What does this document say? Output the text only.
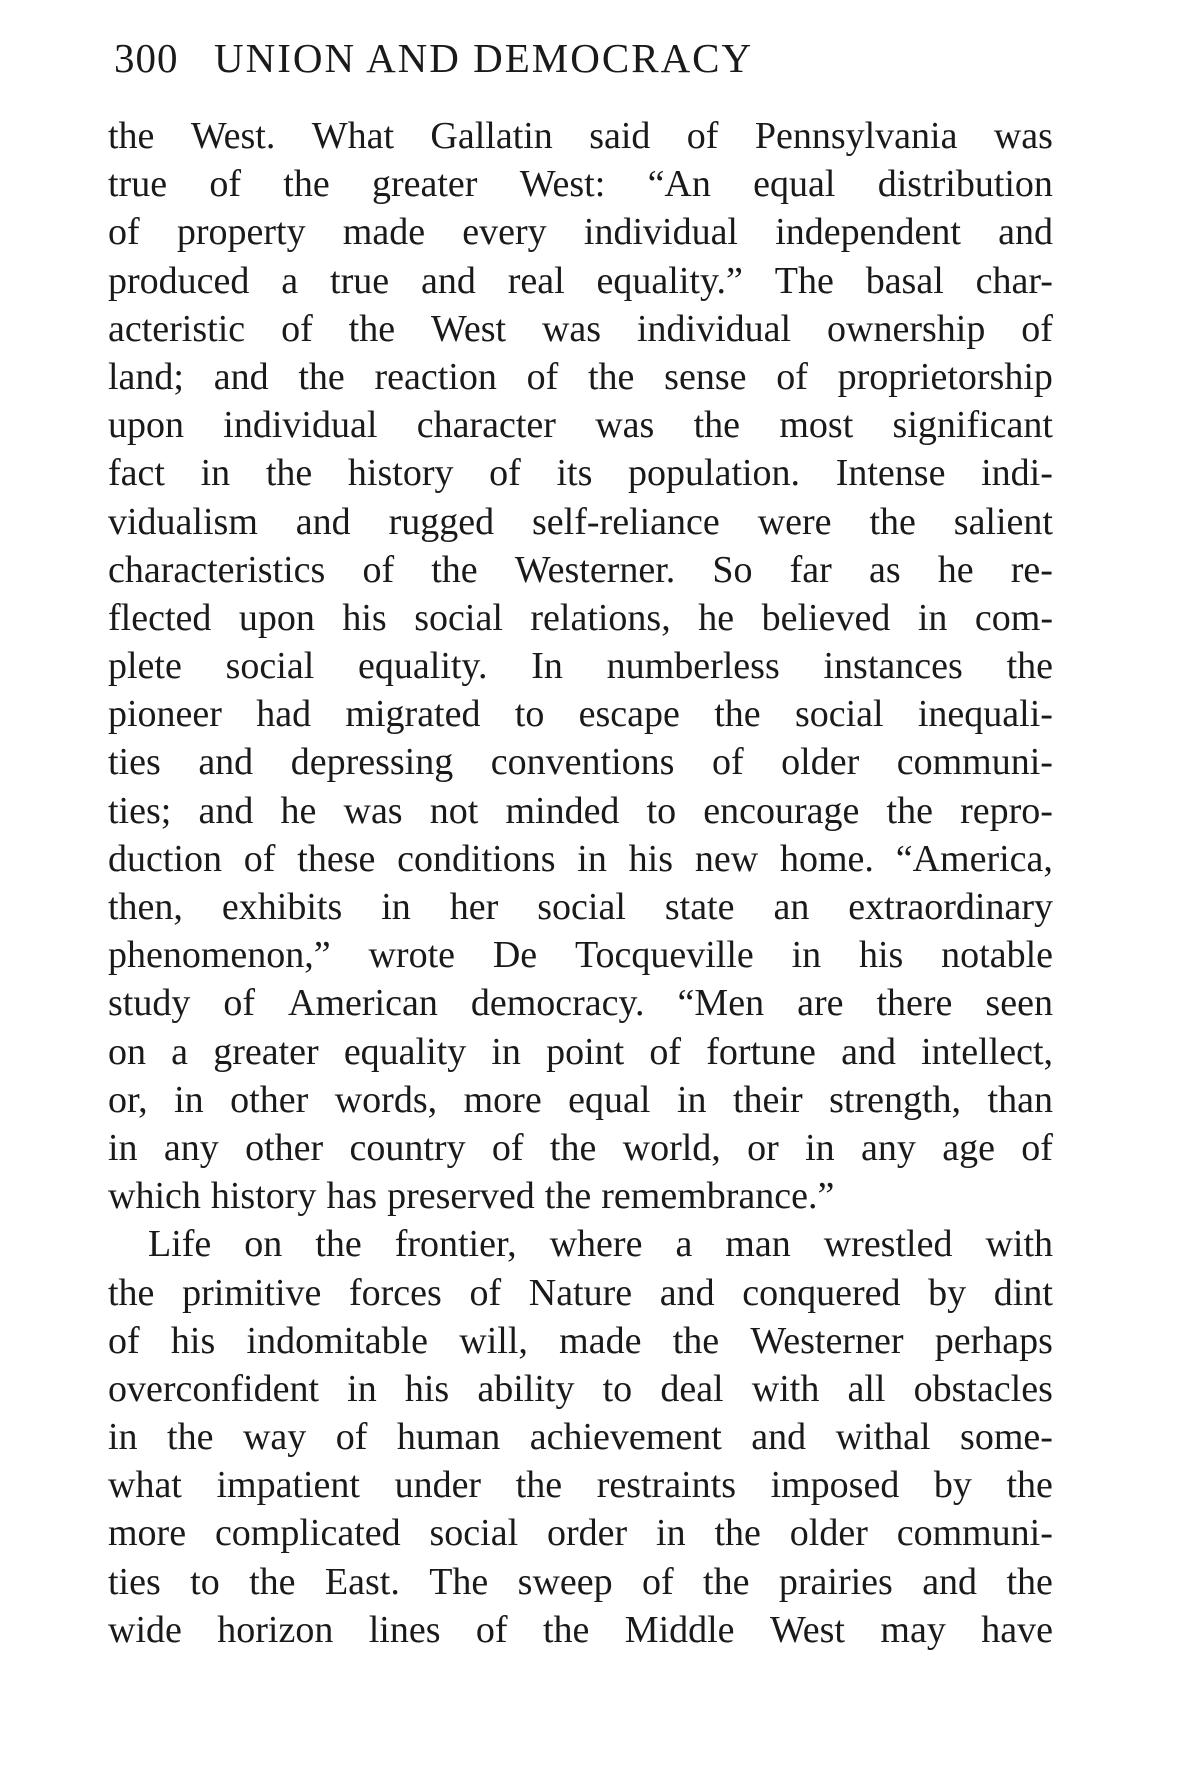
300 UNION AND DEMOCRACY
the West. What Gallatin said of Pennsylvania was
true of the greater West: “An equal distribution
of property made every individual independent and
produced a true and real equality.” The basal char-
acteristic of the West was individual ownership of
land; and the reaction of the sense of proprietorship
upon individual character was the most significant
fact in the history of its population. Intense indi-
vidualism and rugged self-reliance were the salient
characteristics of the Westerner. So far as he re-
flected upon his social relations, he believed in com-
plete social equality. In numberless instances the
pioneer had migrated to escape the social inequali-
ties and depressing conventions of older communi-
ties; and he was not minded to encourage the repro-
duction of these conditions in his new home. “America,
then, exhibits in her social state an extraordinary
phenomenon,” wrote De Tocqueville in his notable
study of American democracy. “Men are there seen
on a greater equality in point of fortune and intellect,
or, in other words, more equal in their strength, than
in any other country of the world, or in any age of
which history has preserved the remembrance.”
Life on the frontier, where a man wrestled with
the primitive forces of Nature and conquered by dint
of his indomitable will, made the Westerner perhaps
overconfident in his ability to deal with all obstacles
in the way of human achievement and withal some-
what impatient under the restraints imposed by the
more complicated social order in the older communi-
ties to the East. The sweep of the prairies and the
wide horizon lines of the Middle West may have
